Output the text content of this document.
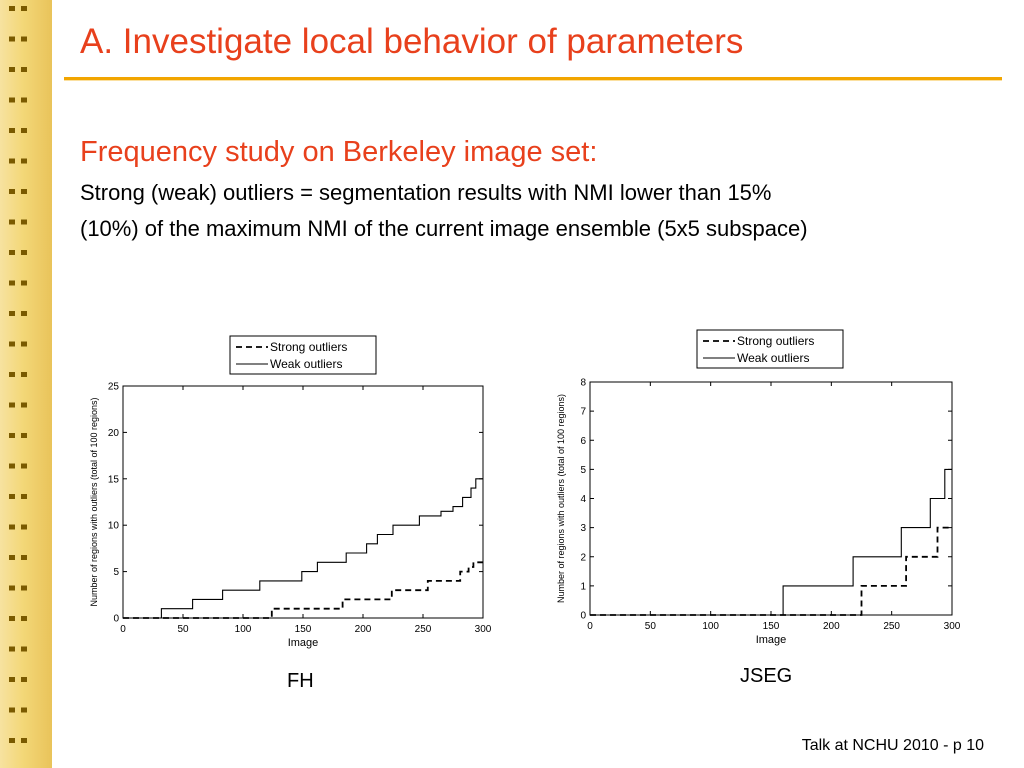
A. Investigate local behavior of parameters
Frequency study on Berkeley image set:

Strong (weak) outliers = segmentation results with NMI lower than 15%

(10%) of the maximum NMI of the current image ensemble (5x5 subspace)

0	50	100	150	200	250	300
0
5
10
15
20
25
Image
Number of regions with outliers (total of 100 regions)
Strong outliers
Weak outliers
FH
0	50	100	150	200	250	300
0
1
2
3
4
5
6
7
8
Image
Number of regions with outliers (total of 100 regions)
Strong outliers
Weak outliers
JSEG
Talk at NCHU 2010 - p 10
